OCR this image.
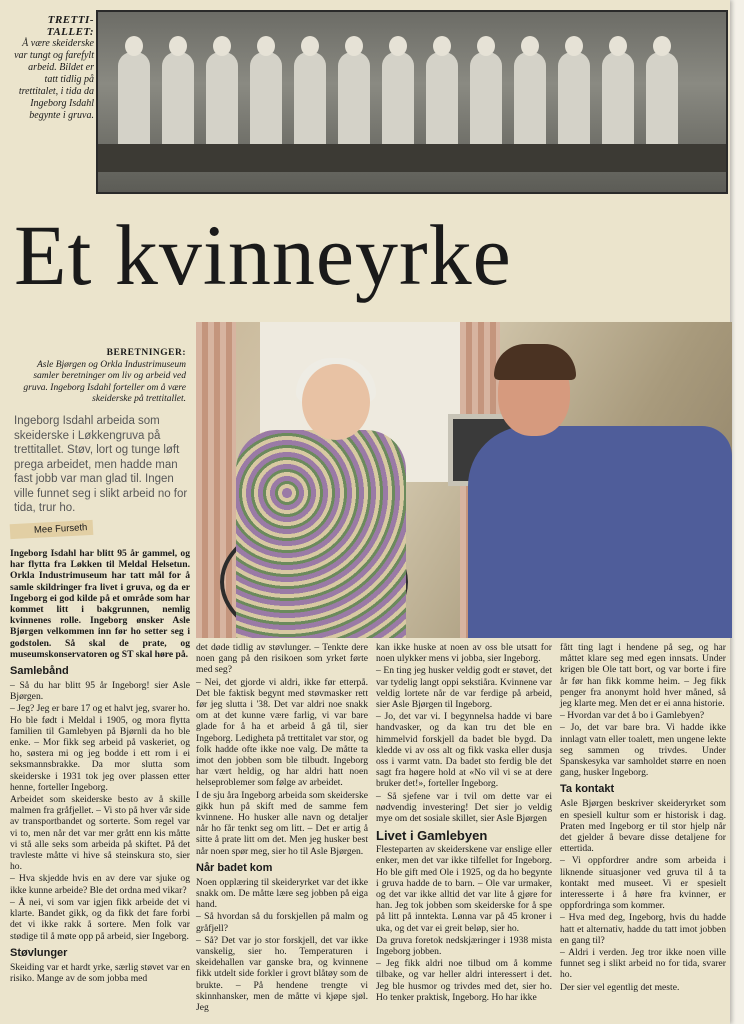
TRETTI-TALLET:
Å være skeiderske var tungt og farefylt arbeid. Bildet er tatt tidlig på trettitalet, i tida da Ingeborg Isdahl begynte i gruva.
Et kvinneyrke
BERETNINGER:
Asle Bjørgen og Orkla Industrimuseum samler beretninger om liv og arbeid ved gruva. Ingeborg Isdahl forteller om å være skeiderske på trettitallet.
Ingeborg Isdahl arbeida som skeiderske i Løkkengruva på trettitallet. Støv, lort og tunge løft prega arbeidet, men hadde man fast jobb var man glad til. Ingen ville funnet seg i slikt arbeid no for tida, trur ho.
Mee Furseth

Ingeborg Isdahl har blitt 95 år gammel, og har flytta fra Løkken til Meldal Helsetun. Orkla Industrimuseum har tatt mål for å samle skildringer fra livet i gruva, og da er Ingeborg ei god kilde på et område som har kommet litt i bakgrunnen, nemlig kvinnenes rolle. Ingeborg ønsker Asle Bjørgen velkommen inn før ho setter seg i godstolen. Så skal de prate, og museumskonservatoren og ST skal høre på.

Samlebånd

– Så du har blitt 95 år Ingeborg! sier Asle Bjørgen.

– Jeg? Jeg er bare 17 og et halvt jeg, svarer ho. Ho ble født i Meldal i 1905, og mora flytta familien til Gamlebyen på Bjørnli da ho ble enke. – Mor fikk seg arbeid på vaskeriet, og ho, søstera mi og jeg bodde i ett rom i ei seksmannsbrakke. Da mor slutta som skeiderske i 1931 tok jeg over plassen etter henne, forteller Ingeborg.

Arbeidet som skeiderske besto av å skille malmen fra gråfjellet. – Vi sto på hver vår side av transportbandet og sorterte. Som regel var vi to, men når det var mer grått enn kis måtte vi stå alle seks som arbeida på skiftet. På det travleste måtte vi hive så steinskura sto, sier ho.

– Hva skjedde hvis en av dere var sjuke og ikke kunne arbeide? Ble det ordna med vikar?

– Å nei, vi som var igjen fikk arbeide det vi klarte. Bandet gikk, og da fikk det fare forbi det vi ikke rakk å sortere. Men folk var stødige til å møte opp på arbeid, sier Ingeborg.

Støvlunger

Skeiding var et hardt yrke, særlig støvet var en risiko. Mange av de som jobba med

det døde tidlig av støvlunger. – Tenkte dere noen gang på den risikoen som yrket førte med seg?

– Nei, det gjorde vi aldri, ikke før etterpå. Det ble faktisk begynt med støvmasker rett før jeg slutta i '38. Det var aldri noe snakk om at det kunne være farlig, vi var bare glade for å ha et arbeid å gå til, sier Ingeborg. Ledigheta på trettitalet var stor, og folk hadde ofte ikke noe valg. De måtte ta imot den jobben som ble tilbudt. Ingeborg har vært heldig, og har aldri hatt noen helseproblemer som følge av arbeidet.

I de sju åra Ingeborg arbeida som skeiderske gikk hun på skift med de samme fem kvinnene. Ho husker alle navn og detaljer når ho får tenkt seg om litt. – Det er artig å sitte å prate litt om det. Men jeg husker best når noen spør meg, sier ho til Asle Bjørgen.

Når badet kom

Noen opplæring til skeideryrket var det ikke snakk om. De måtte lære seg jobben på eiga hand.

– Så hvordan så du forskjellen på malm og gråfjell?

– Så? Det var jo stor forskjell, det var ikke vanskelig, sier ho. Temperaturen i skeidehallen var ganske bra, og kvinnene fikk utdelt side forkler i grovt blåtøy som de brukte. – På hendene trengte vi skinnhansker, men de måtte vi kjøpe sjøl. Jeg

kan ikke huske at noen av oss ble utsatt for noen ulykker mens vi jobba, sier Ingeborg.

– En ting jeg husker veldig godt er støvet, det var tydelig langt oppi sekstiåra. Kvinnene var veldig lortete når de var ferdige på arbeid, sier Asle Bjørgen til Ingeborg.

– Jo, det var vi. I begynnelsa hadde vi bare handvasker, og da kan tru det ble en himmelvid forskjell da badet ble bygd. Da kledde vi av oss alt og fikk vaska eller dusja oss i varmt vatn. Da badet sto ferdig ble det sagt fra høgere hold at «No vil vi se at dere bruker det!», forteller Ingeborg.

– Så sjefene var i tvil om dette var ei nødvendig investering! Det sier jo veldig mye om det sosiale skillet, sier Asle Bjørgen

Livet i Gamlebyen

Flesteparten av skeiderskene var enslige eller enker, men det var ikke tilfellet for Ingeborg. Ho ble gift med Ole i 1925, og da ho begynte i gruva hadde de to barn. – Ole var urmaker, og det var ikke alltid det var lite å gjøre for han. Jeg tok jobben som skeiderske for å spe på litt på inntekta. Lønna var på 45 kroner i uka, og det var ei greit beløp, sier ho.

Da gruva foretok nedskjæringer i 1938 mista Ingeborg jobben.

– Jeg fikk aldri noe tilbud om å komme tilbake, og var heller aldri interessert i det. Jeg ble husmor og trivdes med det, sier ho. Ho tenker praktisk, Ingeborg. Ho har ikke

fått ting lagt i hendene på seg, og har måttet klare seg med egen innsats. Under krigen ble Ole tatt bort, og var borte i fire år før han fikk komme heim. – Jeg fikk penger fra anonymt hold hver måned, så jeg klarte meg. Men det er ei anna historie.

– Hvordan var det å bo i Gamlebyen?

– Jo, det var bare bra. Vi hadde ikke innlagt vatn eller toalett, men ungene lekte seg sammen og trivdes. Under Spanskesyka var samholdet større en noen gang, husker Ingeborg.

Ta kontakt

Asle Bjørgen beskriver skeideryrket som en spesiell kultur som er historisk i dag. Praten med Ingeborg er til stor hjelp når det gjelder å bevare disse detaljene for ettertida.

– Vi oppfordrer andre som arbeida i liknende situasjoner ved gruva til å ta kontakt med museet. Vi er spesielt interesserte i å høre fra kvinner, er oppfordringa som kommer.

– Hva med deg, Ingeborg, hvis du hadde hatt et alternativ, hadde du tatt imot jobben en gang til?

– Aldri i verden. Jeg tror ikke noen ville funnet seg i slikt arbeid no for tida, svarer ho.

Der sier vel egentlig det meste.
